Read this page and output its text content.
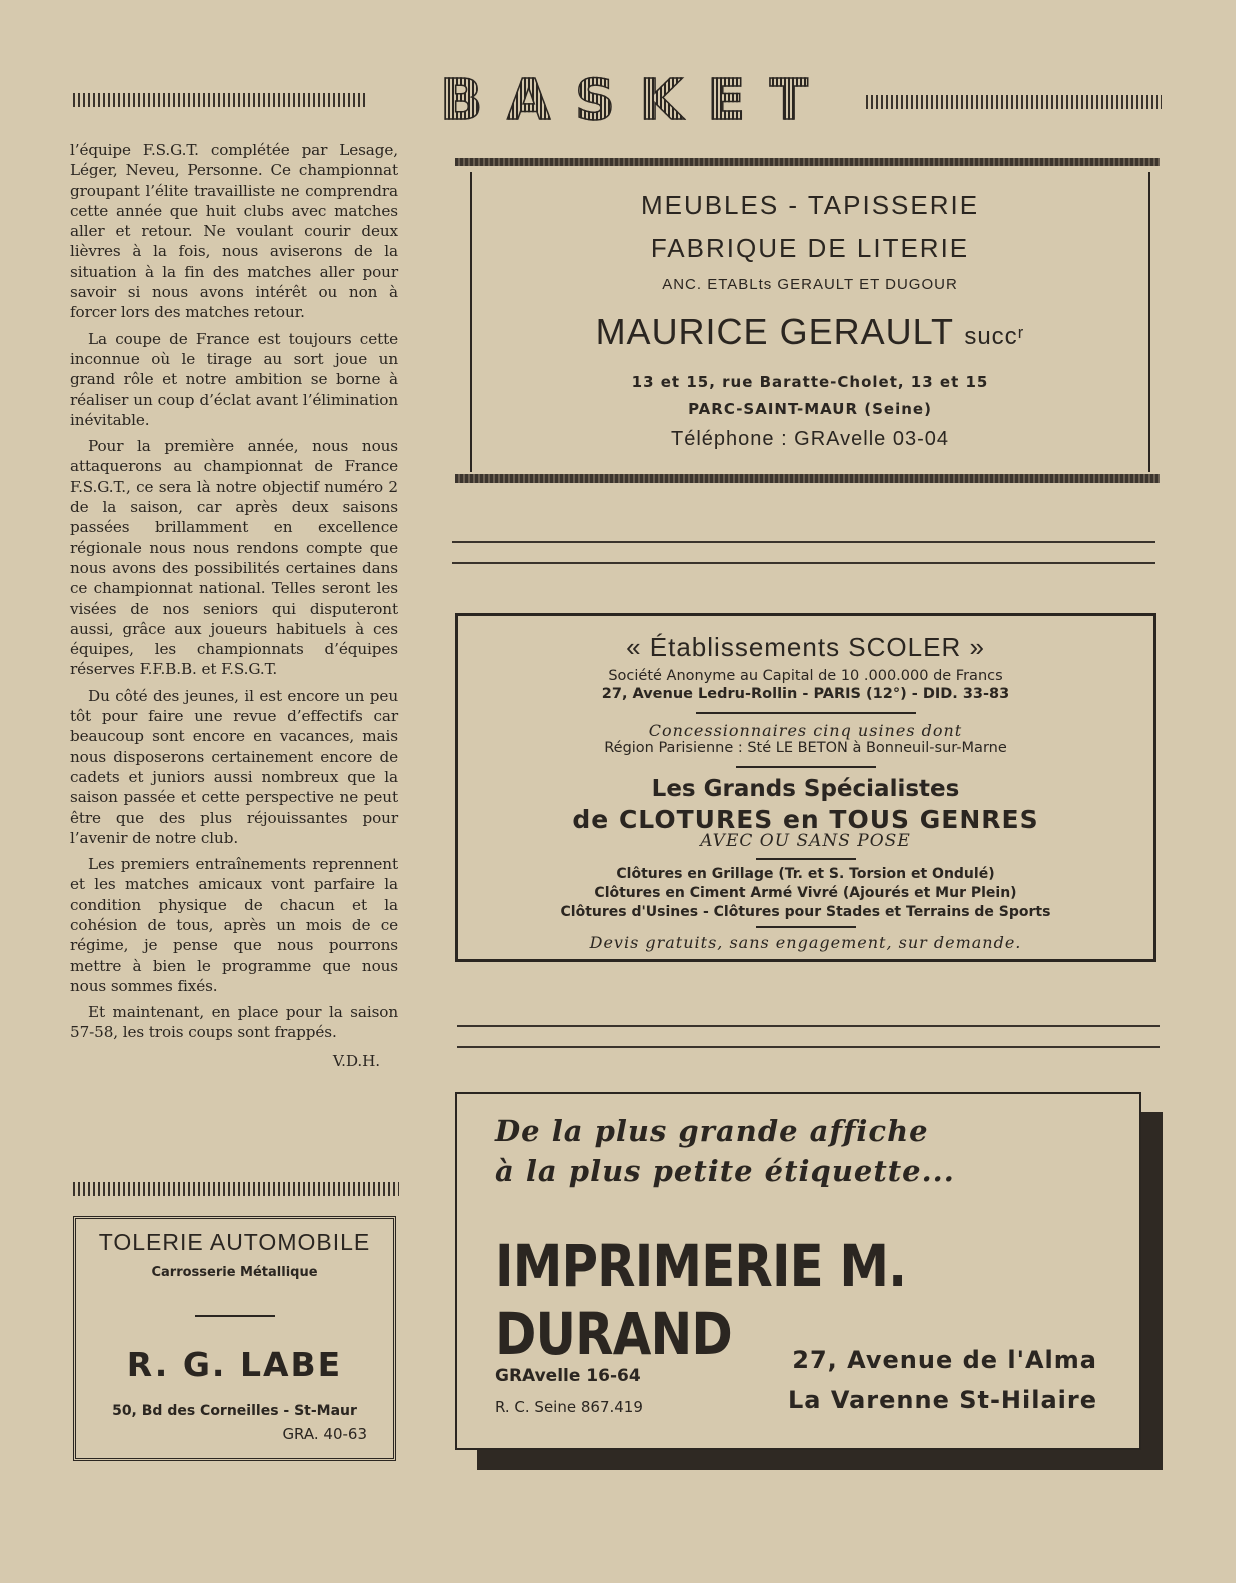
B A S K E T

l’équipe F.S.G.T. complétée par Lesage, Léger, Neveu, Personne. Ce championnat groupant l’élite travailliste ne comprendra cette année que huit clubs avec matches aller et retour. Ne voulant courir deux lièvres à la fois, nous aviserons de la situation à la fin des matches aller pour savoir si nous avons intérêt ou non à forcer lors des matches retour.

La coupe de France est toujours cette inconnue où le tirage au sort joue un grand rôle et notre ambition se borne à réaliser un coup d’éclat avant l’élimination inévitable.

Pour la première année, nous nous attaquerons au championnat de France F.S.G.T., ce sera là notre objectif numéro 2 de la saison, car après deux saisons passées brillamment en excellence régionale nous nous rendons compte que nous avons des possibilités certaines dans ce championnat national. Telles seront les visées de nos seniors qui disputeront aussi, grâce aux joueurs habituels à ces équipes, les championnats d’équipes réserves F.F.B.B. et F.S.G.T.

Du côté des jeunes, il est encore un peu tôt pour faire une revue d’effectifs car beaucoup sont encore en vacances, mais nous disposerons certainement encore de cadets et juniors aussi nombreux que la saison passée et cette perspective ne peut être que des plus réjouissantes pour l’avenir de notre club.

Les premiers entraînements reprennent et les matches amicaux vont parfaire la condition physique de chacun et la cohésion de tous, après un mois de ce régime, je pense que nous pourrons mettre à bien le programme que nous nous sommes fixés.

Et maintenant, en place pour la saison 57-58, les trois coups sont frappés.

V.D.H.

MEUBLES - TAPISSERIE
FABRIQUE DE LITERIE
ANC. ETABLts GERAULT ET DUGOUR
MAURICE GERAULT succʳ
13 et 15, rue Baratte-Cholet, 13 et 15
PARC-SAINT-MAUR (Seine)
Téléphone : GRAvelle 03-04
« Établissements SCOLER »
Société Anonyme au Capital de 10 .000.000 de Francs
27, Avenue Ledru-Rollin - PARIS (12°) - DID. 33-83
Concessionnaires cinq usines dont
Région Parisienne : Sté LE BETON à Bonneuil-sur-Marne
Les Grands Spécialistes
de CLOTURES en TOUS GENRES
AVEC OU SANS POSE
Clôtures en Grillage (Tr. et S. Torsion et Ondulé)
Clôtures en Ciment Armé Vivré (Ajourés et Mur Plein)
Clôtures d'Usines - Clôtures pour Stades et Terrains de Sports
Devis gratuits, sans engagement, sur demande.
De la plus grande affiche
à la plus petite étiquette...
IMPRIMERIE M. DURAND
GRAvelle 16-64
R. C. Seine 867.419
27, Avenue de l'Alma
La Varenne St-Hilaire
TOLERIE AUTOMOBILE
Carrosserie Métallique
R. G. LABE
50, Bd des Corneilles - St-Maur
GRA. 40-63
